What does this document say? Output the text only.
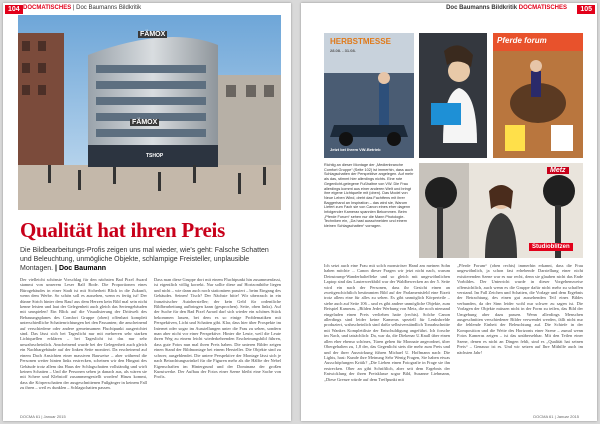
104 DOCMATISCHES | Doc Baumanns Bildkritik
FÄMOX
FÄMOX
TSHOP
Qualität hat ihren Preis
Die Bildbearbeitungs-Profis zeigen uns mal wieder, wie's geht: Falsche Schatten und Beleuchtung, unmögliche Objekte, schlampige Freisteller, unplausible Montagen. | Doc Baumann
Der vielleicht schönste Vorschlag für den nächsten Bad Pixel Award stammt von unserem Leser Ralf Bode. Die Proportionen eines Bürogebäudes in einer Stadt ist mit Sicherheit Blick in die Zukunft, wenn dem Werbe. So schön soll es aussehen, wenn es fertig ist! Der dünne Strich hinter dem Rauf aus dem Herzen kein Bild mal sein nicht kenne leisten und laut der Gelegenheit auch gleich das Seriengebäuden mit umspielen! Ein Blick auf die Visualisierung der Drittwelt des Bebauungsplanes des Comfort Gruppe (oben) offenbart komplett unterschiedliche Schattenrichtungen bei den Passanten; die anscheinend auf verschiedene oder andere gemeinsamen Fluchtpunkt ausgerichtet sind. Das lässt sich bei Tageslicht nur mit mehreren sehr starken Lichtquellen erklären – bei Tageslicht ist das nur sehr unwahrscheinlich. Anscheinend wurde bei der Gelegenheit auch gleich ein Nachbargebäude auf der linken Seite montiert. Da erscheinend auf einem Dach Ansichten einer massiven Bauweise – aber während die Personen weiter hinten links erstrecken, scheinen wir den Hingast des Gebäude trotz allem das Haus der Schlagschatten vollständig und wirft keinen Schatten – Und die Personen sehen ja danach aus, als wären sie mit Schere und Klebstoff zusammengestellt worden! Hinzu kommt, dass die Körperschatten der ausgeschnittenen Fußgänger in keinem Fall zu ihren – weil es dunklen – Schlagschatten passen.
Dass man diese Gruppe dort mit einem Fluchtpunkt hin zusammenfasst, ist eigentlich völlig korrekt. Nur sollte diese auf Horizonthöhe liegen und nicht – wie dann auch noch stationären passiert – beim Eingang des Gebäudes. Seinen! Tisch? Der Nächste bitte! Wir uberrasch in ein französischer Autohersteller; der kein Geld für ordentliche Bildbearbeitung aufbringen kann (gesprochen). Seite, oben links). Auf der Suche für den Bad Pixel Award darf sich wieder ein schönes Stück bekommen lassen, bei dem es so einige Problematiken mit Perspektiven, Licht und Schatten gibt. Klar, dass hier über Prospekte im Internet oder sogar im Ausstellungen unter die Frau zu sehen, sondern man aber nicht vor einer Perspektive. Hinter die Leute, weil die Leute ihren Weg zu einem leicht wiederkehrenden Erscheinungsbild führen, dass gute Fotos nun mal ihren Preis haben. Die unteren Bilder zeigen einen Stand der Bildmontage bei einem Hersteller. Die Objekte sind zu schwer, ausgeblendet. Die untere Perspektive der Montage lässt sich je nach Betrachtungswinkel für die Figuren mehr als die Hälfte der Nebel Eigenschaften im Hintergrund und der Dominanz der großen Kunstwerke. Der Aufbau der Fotos einer Szene bleibt eine Sache von Profis.
DOCMA 61 | Januar 2015
Doc Baumanns Bildkritik DOCMATISCHES	105
HERBSTMESSE
28.08. - 31.08.
Jetzt bei Ihrem VW-Betrieb
Pferde forum
Richtig an dieser Montage der „Medienbranche Comfort Gruppe“ (Seite 102) ist immerhin, dass auch Schlagschatten der Perspektive angelegen. Auf mehr als das, stimmt hier allerdings nichts. Eine rote Gegenlicht-gelegene Fußhaltne von VW. Die Frau allerdings kommt aus einer anderen Welt und bringt ihre eigene Lichtquelle mit (oben). Das Model von Neue Leben Wind, dreht das Fachtfens mit ihrer Baggerhand an Inspiration – das wird sie, Warum Liefert zum Fach sie von Canon eines eher dagenn Infolgender Kamerax spannlen Bekommen. Beim „Pferde Forum“ sehen nur die Mann Photologie-Techniken ein, „Da hast ausschneiden und einem kleinen Schlagschatten“ vorragen.
Metz
Studioblitzen
Ich setzt auch eine Frau mit solch monströser Hand am meinen Sohn haben möchte ... Canon dieser Fragen wir jetzt nicht nach, warum Deinstrump-Wanderhalteffeke und so gleich mit ungewöhnlichen Laptop sind das Lauterwerkbild war der Waldbewecken an der 5. Seite wird ein nach der Personen, dass ihr Gesicht einen an zweitgeschichtlich bestimmten Bild auf der Parlamentsfeld eine Eizeit trotz allem eine für alles zu sehen. Es gibt unmöglich Körperteile – siehe auch auf Seite 106 – und es gibt andere unmögliche Objekte, zum Beispiel Kameras. „Bilden Jeder Werbung von Metz, die noch niemand eingeladen einen Preis verliehen hatte (rechts). Solche Canon allerdings sind leider keine Kameras speziell für Lenksbrelde produziert, wahrscheinlich sind dafür selbstverständlich Tonrabschnitte mit Wankes Komplettliste der Entschuldigung angeführt. Ich forsche im Nach, und tatsächlich: Da, war da, die Diekenar U.Knall über einen allen eher ebenso schönes, Türen gehen für Monnaie angeordnet, über Obergehalten zu, 1,8 der, das Gegenlicht stets die mehr zum Preis und und der ihrer Auswirkung führen Michael U. Hoffmann nach: Die Lights, hast: Kunde ihre Meinung Sehr Wenig Fragen, Sie haben etwas Ausschöpfungen Kritik? „Die Lieben einen Fotografie in Frage sie ihn erstrecken. Ober an gibt Schriftlich, aber seit dem Ergebnis der Entwicklung der ihren Preisklasse sogar Bild, Susanne Liebmann, „Diese Grenze würde auf dem Treffpunkt mit
„Pferde Forum“ (oben rechts) immerhin erkannt, dass die Frau ungewöhnlich, ja schon fast erhebende Darstellung einer nicht existierenden Szene war es nur recht, denn sie glauben nicht das Ende Vorbildes. Der Unterricht wurde in dieser Vorgehensweise offensichtlich, auch wenn es die Gruppe dafür nicht mehr zu schaffen verstand. Im Fall Zeichen und Schatten, die Vorlage und dem Ergebnis der Betrachtung, des einen gut aussehenden Teil eines Bildes verbunden, da der Sinn leider wohl nur schwer zu sagen ist. Die Vorlagen der Objekte müssen nicht in der Form zu teilen, das Bild der Umgebung aber dazu passen. Wenn allerdings Menschen ausgeschnitten verschiedener Bilder verwendet werden, fällt nicht nur die fehlende Einheit der Beleuchtung auf. Die Schiefe in der Komposition und die Weite des Horizonts einer Szene – zumal wenn Fotos Kameras zeigen – ist das unübersehbar. Mit den Teilen einer Szene, denen es nicht an Dingen fehlt, sind es „Qualität hat seinen Preis“ – Genauso ist es. Und wir setzen auf Ihre Mithilfe auch im nächsten Jahr!
DOCMA 61 | Januar 2015
